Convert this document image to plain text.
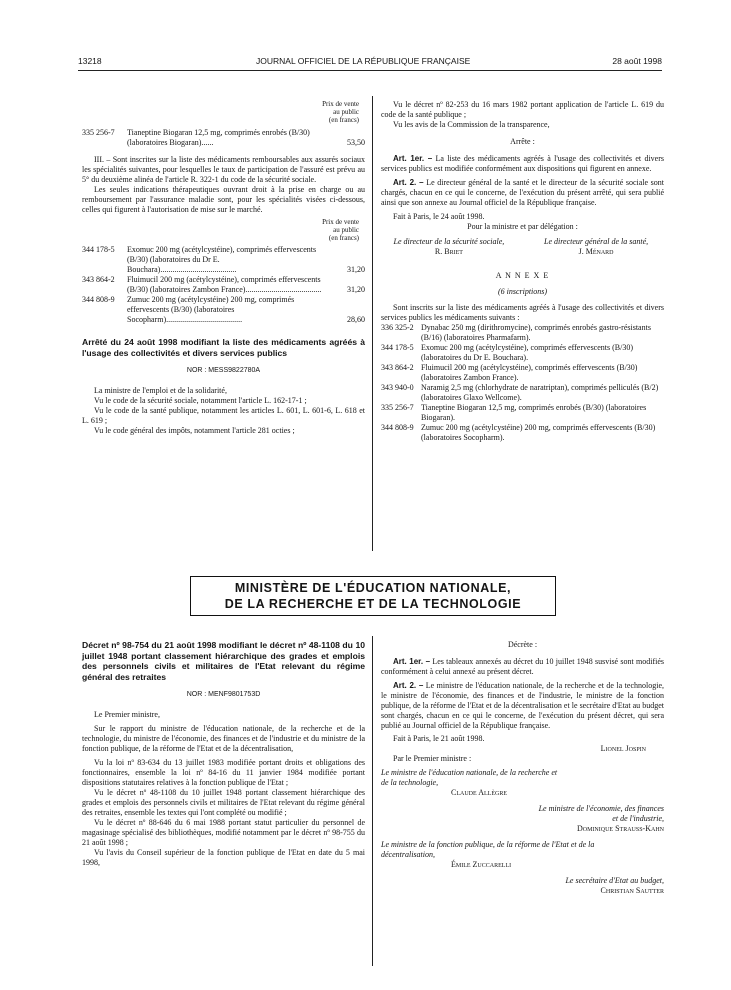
13218	JOURNAL OFFICIEL DE LA RÉPUBLIQUE FRANÇAISE	28 août 1998
Prix de vente
au public
(en francs)
335 256-7	Tianeptine Biogaran 12,5 mg, comprimés enrobés (B/30) (laboratoires Biogaran)......	53,50

III. – Sont inscrites sur la liste des médicaments remboursables aux assurés sociaux les spécialités suivantes, pour lesquelles le taux de participation de l'assuré est prévu au 5° du deuxième alinéa de l'article R. 322-1 du code de la sécurité sociale.

Les seules indications thérapeutiques ouvrant droit à la prise en charge ou au remboursement par l'assurance maladie sont, pour les spécialités visées ci-dessous, celles qui figurent à l'autorisation de mise sur le marché.

Prix de vente
au public
(en francs)
344 178-5	Exomuc 200 mg (acétylcystéine), comprimés effervescents (B/30) (laboratoires du Dr E. Bouchara)......................................	31,20
343 864-2	Fluimucil 200 mg (acétylcystéine), comprimés effervescents (B/30) (laboratoires Zambon France)......................................	31,20
344 808-9	Zumuc 200 mg (acétylcystéine) 200 mg, comprimés effervescents (B/30) (laboratoires Socopharm)......................................	28,60
Arrêté du 24 août 1998 modifiant la liste des médicaments agréés à l'usage des collectivités et divers services publics
NOR : MESS9822780A

La ministre de l'emploi et de la solidarité,

Vu le code de la sécurité sociale, notamment l'article L. 162-17-1 ;

Vu le code de la santé publique, notamment les articles L. 601, L. 601-6, L. 618 et L. 619 ;

Vu le code général des impôts, notamment l'article 281 octies ;

Vu le décret nº 82-253 du 16 mars 1982 portant application de l'article L. 619 du code de la santé publique ;

Vu les avis de la Commission de la transparence,

Arrête :

Art. 1er. – La liste des médicaments agréés à l'usage des collectivités et divers services publics est modifiée conformément aux dispositions qui figurent en annexe.

Art. 2. – Le directeur général de la santé et le directeur de la sécurité sociale sont chargés, chacun en ce qui le concerne, de l'exécution du présent arrêté, qui sera publié ainsi que son annexe au Journal officiel de la République française.

Fait à Paris, le 24 août 1998.

Pour la ministre et par délégation :
Le directeur de la sécurité sociale,
R. Briet
Le directeur général de la santé,
J. Ménard
A N N E X E
(6 inscriptions)

Sont inscrits sur la liste des médicaments agréés à l'usage des collectivités et divers services publics les médicaments suivants :

336 325-2 Dynabac 250 mg (dirithromycine), comprimés enrobés gastro-résistants (B/16) (laboratoires Pharmafarm).
344 178-5 Exomuc 200 mg (acétylcystéine), comprimés effervescents (B/30) (laboratoires du Dr E. Bouchara).
343 864-2 Fluimucil 200 mg (acétylcystéine), comprimés effervescents (B/30) (laboratoires Zambon France).
343 940-0 Naramig 2,5 mg (chlorhydrate de naratriptan), comprimés pelliculés (B/2) (laboratoires Glaxo Wellcome).
335 256-7 Tianeptine Biogaran 12,5 mg, comprimés enrobés (B/30) (laboratoires Biogaran).
344 808-9 Zumuc 200 mg (acétylcystéine) 200 mg, comprimés effervescents (B/30) (laboratoires Socopharm).
MINISTÈRE DE L'ÉDUCATION NATIONALE,
DE LA RECHERCHE ET DE LA TECHNOLOGIE
Décret nº 98-754 du 21 août 1998 modifiant le décret nº 48-1108 du 10 juillet 1948 portant classement hiérarchique des grades et emplois des personnels civils et militaires de l'Etat relevant du régime général des retraites
NOR : MENF9801753D

Le Premier ministre,

Sur le rapport du ministre de l'éducation nationale, de la recherche et de la technologie, du ministre de l'économie, des finances et de l'industrie et du ministre de la fonction publique, de la réforme de l'Etat et de la décentralisation,

Vu la loi nº 83-634 du 13 juillet 1983 modifiée portant droits et obligations des fonctionnaires, ensemble la loi nº 84-16 du 11 janvier 1984 modifiée portant dispositions statutaires relatives à la fonction publique de l'Etat ;

Vu le décret nº 48-1108 du 10 juillet 1948 portant classement hiérarchique des grades et emplois des personnels civils et militaires de l'Etat relevant du régime général des retraites, ensemble les textes qui l'ont complété ou modifié ;

Vu le décret nº 88-646 du 6 mai 1988 portant statut particulier du personnel de magasinage spécialisé des bibliothèques, modifié notamment par le décret nº 98-755 du 21 août 1998 ;

Vu l'avis du Conseil supérieur de la fonction publique de l'Etat en date du 5 mai 1998,

Décrète :

Art. 1er. – Les tableaux annexés au décret du 10 juillet 1948 susvisé sont modifiés conformément à celui annexé au présent décret.

Art. 2. – Le ministre de l'éducation nationale, de la recherche et de la technologie, le ministre de l'économie, des finances et de l'industrie, le ministre de la fonction publique, de la réforme de l'Etat et de la décentralisation et le secrétaire d'Etat au budget sont chargés, chacun en ce qui le concerne, de l'exécution du présent décret, qui sera publié au Journal officiel de la République française.

Fait à Paris, le 21 août 1998.

Lionel Jospin

Par le Premier ministre :

Le ministre de l'éducation nationale, de la recherche et de la technologie,
Claude Allègre
Le ministre de l'économie, des finances et de l'industrie,
Dominique Strauss-Kahn
Le ministre de la fonction publique, de la réforme de l'Etat et de la décentralisation,
Émile Zuccarelli
Le secrétaire d'Etat au budget,
Christian Sautter
